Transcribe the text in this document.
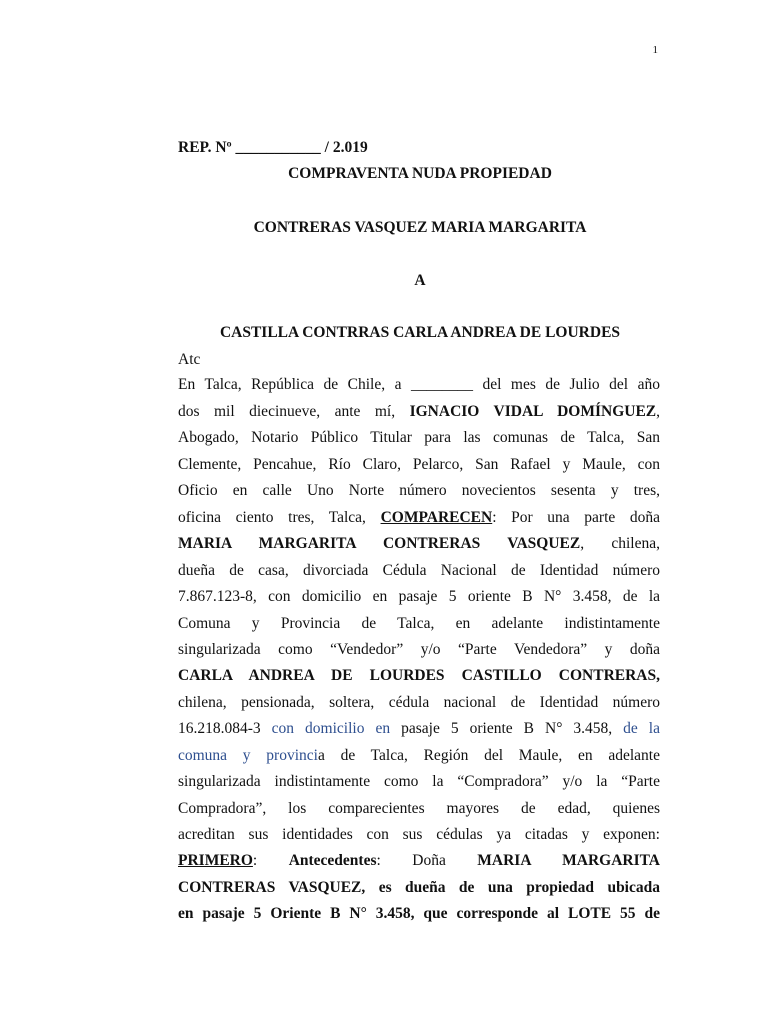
1
REP. Nº ___________ / 2.019
COMPRAVENTA NUDA PROPIEDAD
CONTRERAS VASQUEZ MARIA MARGARITA
A
CASTILLA CONTRRAS CARLA ANDREA DE LOURDES
Atc
En Talca, República de Chile, a ________ del mes de Julio del año
dos mil diecinueve, ante mí, IGNACIO VIDAL DOMÍNGUEZ,
Abogado, Notario Público Titular para las comunas de Talca, San
Clemente, Pencahue, Río Claro, Pelarco, San Rafael y Maule, con
Oficio en calle Uno Norte número novecientos sesenta y tres,
oficina ciento tres, Talca, COMPARECEN: Por una parte doña
MARIA MARGARITA CONTRERAS VASQUEZ, chilena,
dueña de casa, divorciada Cédula Nacional de Identidad número
7.867.123-8, con domicilio en pasaje 5 oriente B N° 3.458, de la
Comuna y Provincia de Talca, en adelante indistintamente
singularizada como “Vendedor” y/o “Parte Vendedora” y doña
CARLA ANDREA DE LOURDES CASTILLO CONTRERAS,
chilena, pensionada, soltera, cédula nacional de Identidad número
16.218.084-3 con domicilio en pasaje 5 oriente B N° 3.458, de la
comuna y provincia de Talca, Región del Maule, en adelante
singularizada indistintamente como la “Compradora” y/o la “Parte
Compradora”, los comparecientes mayores de edad, quienes
acreditan sus identidades con sus cédulas ya citadas y exponen:
PRIMERO: Antecedentes: Doña MARIA MARGARITA
CONTRERAS VASQUEZ, es dueña de una propiedad ubicada
en pasaje 5 Oriente B N° 3.458, que corresponde al LOTE 55 de
